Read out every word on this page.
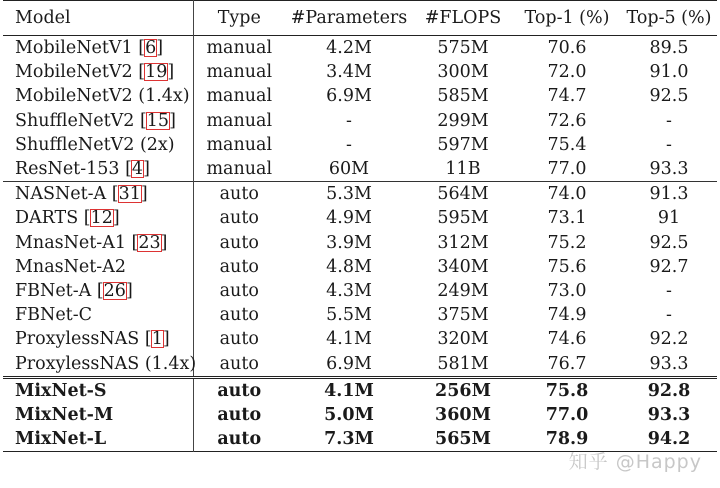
Model	Type	#Parameters	#FLOPS	Top-1 (%)	Top-5 (%)
MobileNetV1 [6]	manual	4.2M	575M	70.6	89.5
MobileNetV2 [19]	manual	3.4M	300M	72.0	91.0
MobileNetV2 (1.4x)	manual	6.9M	585M	74.7	92.5
ShuffleNetV2 [15]	manual	-	299M	72.6	-
ShuffleNetV2 (2x)	manual	-	597M	75.4	-
ResNet-153 [4]	manual	60M	11B	77.0	93.3
NASNet-A [31]	auto	5.3M	564M	74.0	91.3
DARTS [12]	auto	4.9M	595M	73.1	91
MnasNet-A1 [23]	auto	3.9M	312M	75.2	92.5
MnasNet-A2	auto	4.8M	340M	75.6	92.7
FBNet-A [26]	auto	4.3M	249M	73.0	-
FBNet-C	auto	5.5M	375M	74.9	-
ProxylessNAS [1]	auto	4.1M	320M	74.6	92.2
ProxylessNAS (1.4x)	auto	6.9M	581M	76.7	93.3
MixNet-S	auto	4.1M	256M	75.8	92.8
MixNet-M	auto	5.0M	360M	77.0	93.3
MixNet-L	auto	7.3M	565M	78.9	94.2
知乎 @Happy
